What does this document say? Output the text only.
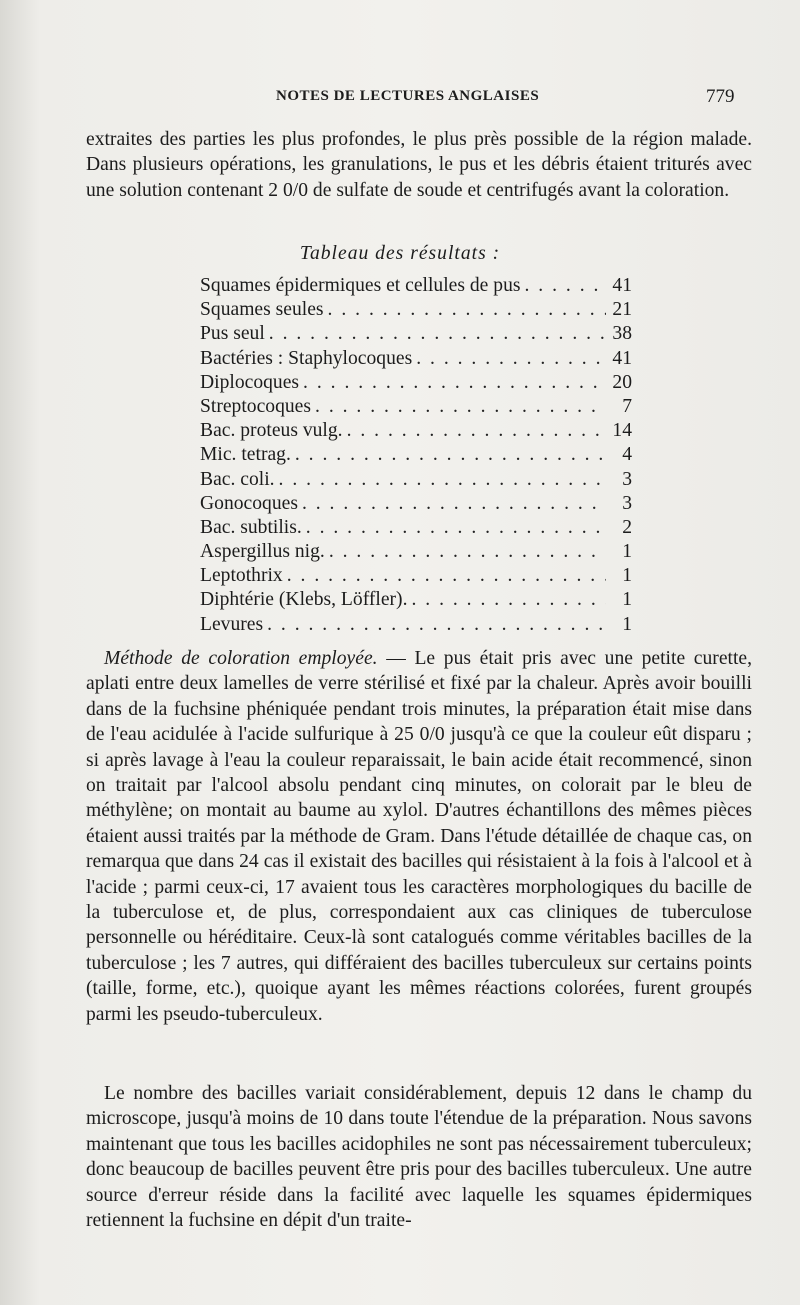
NOTES DE LECTURES ANGLAISES	779

extraites des parties les plus profondes, le plus près possible de la région malade. Dans plusieurs opérations, les granulations, le pus et les débris étaient triturés avec une solution contenant 2 0/0 de sulfate de soude et centrifugés avant la coloration.

Tableau des résultats :
Squames épidermiques et cellules de pus . . .	41
Squames seules . . .	21
Pus seul . . .	38
Bactéries : Staphylocoques . . .	41
Diplocoques . . .	20
Streptocoques . . .	7
Bac. proteus vulg. . . .	14
Mic. tetrag. . . .	4
Bac. coli. . . .	3
Gonocoques . . .	3
Bac. subtilis. . . .	2
Aspergillus nig. . . .	1
Leptothrix . . .	1
Diphtérie (Klebs, Löffler). . . .	1
Levures . . .	1

Méthode de coloration employée. — Le pus était pris avec une petite curette, aplati entre deux lamelles de verre stérilisé et fixé par la chaleur. Après avoir bouilli dans de la fuchsine phéniquée pendant trois minutes, la préparation était mise dans de l'eau acidulée à l'acide sulfurique à 25 0/0 jusqu'à ce que la couleur eût disparu ; si après lavage à l'eau la couleur reparaissait, le bain acide était recommencé, sinon on traitait par l'alcool absolu pendant cinq minutes, on colorait par le bleu de méthylène; on montait au baume au xylol. D'autres échantillons des mêmes pièces étaient aussi traités par la méthode de Gram. Dans l'étude détaillée de chaque cas, on remarqua que dans 24 cas il existait des bacilles qui résistaient à la fois à l'alcool et à l'acide ; parmi ceux-ci, 17 avaient tous les caractères morphologiques du bacille de la tuberculose et, de plus, correspondaient aux cas cliniques de tuberculose personnelle ou héréditaire. Ceux-là sont catalogués comme véritables bacilles de la tuberculose ; les 7 autres, qui différaient des bacilles tuberculeux sur certains points (taille, forme, etc.), quoique ayant les mêmes réactions colorées, furent groupés parmi les pseudo-tuberculeux.

Le nombre des bacilles variait considérablement, depuis 12 dans le champ du microscope, jusqu'à moins de 10 dans toute l'étendue de la préparation. Nous savons maintenant que tous les bacilles acidophiles ne sont pas nécessairement tuberculeux; donc beaucoup de bacilles peuvent être pris pour des bacilles tuberculeux. Une autre source d'erreur réside dans la facilité avec laquelle les squames épidermiques retiennent la fuchsine en dépit d'un traite-
